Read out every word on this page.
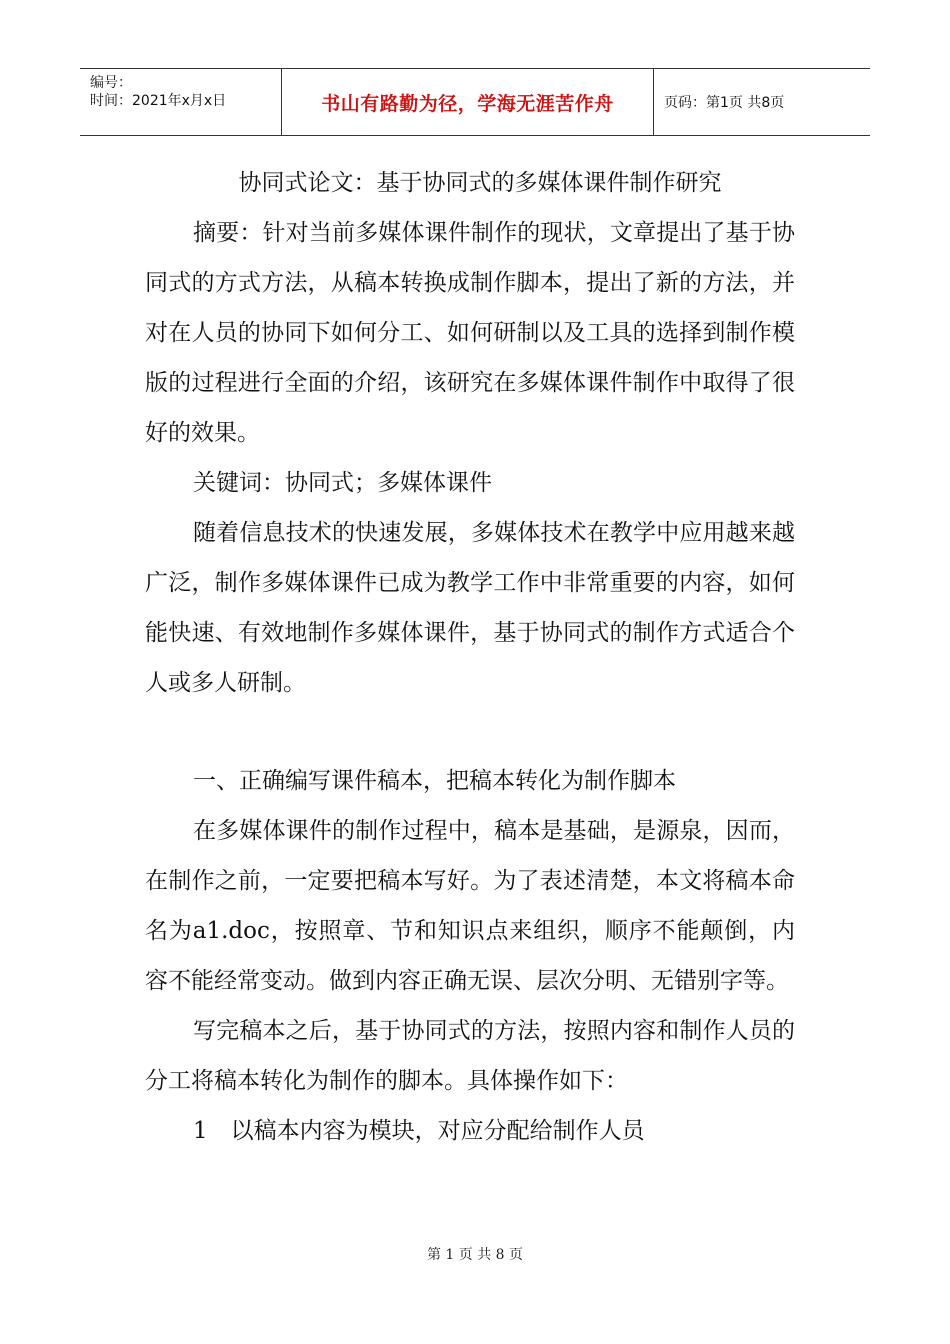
编号：
时间：2021年x月x日	书山有路勤为径，学海无涯苦作舟	页码：第1页 共8页

协同式论文：基于协同式的多媒体课件制作研究

摘要：针对当前多媒体课件制作的现状，文章提出了基于协同式的方式方法，从稿本转换成制作脚本，提出了新的方法，并对在人员的协同下如何分工、如何研制以及工具的选择到制作模版的过程进行全面的介绍，该研究在多媒体课件制作中取得了很好的效果。

关键词：协同式；多媒体课件

随着信息技术的快速发展，多媒体技术在教学中应用越来越广泛，制作多媒体课件已成为教学工作中非常重要的内容，如何能快速、有效地制作多媒体课件，基于协同式的制作方式适合个人或多人研制。

一、正确编写课件稿本，把稿本转化为制作脚本

在多媒体课件的制作过程中，稿本是基础，是源泉，因而，在制作之前，一定要把稿本写好。为了表述清楚，本文将稿本命名为a1.doc，按照章、节和知识点来组织，顺序不能颠倒，内容不能经常变动。做到内容正确无误、层次分明、无错别字等。

写完稿本之后，基于协同式的方法，按照内容和制作人员的分工将稿本转化为制作的脚本。具体操作如下：

1　以稿本内容为模块，对应分配给制作人员

第 1 页 共 8 页
